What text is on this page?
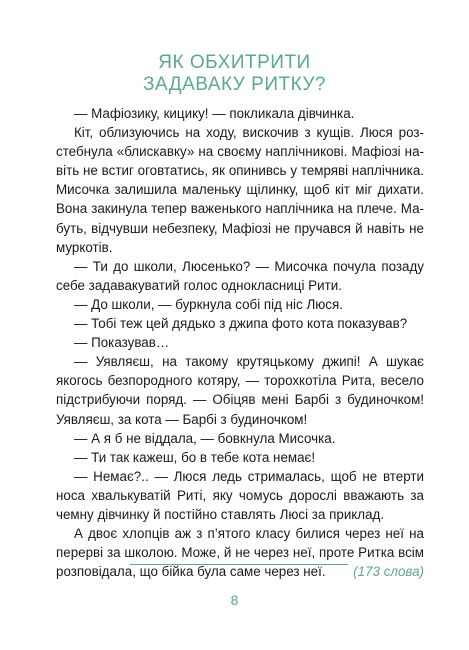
ЯК ОБХИТРИТИ
ЗАДАВАКУ РИТКУ?

— Мафіозику, кицику! — покликала дівчинка.

Кіт, облизуючись на ходу, вискочив з кущів. Люся розстебнула «блискавку» на своєму наплічникові. Мафіозі навіть не встиг оговтатись, як опинивсь у темряві наплічника. Мисочка залишила маленьку щілинку, щоб кіт міг дихати. Вона закинула тепер важенького наплічника на плече. Мабуть, відчувши небезпеку, Мафіозі не пручався й навіть не муркотів.

— Ти до школи, Люсенько? — Мисочка почула позаду себе задавакуватий голос однокласниці Рити.

— До школи, — буркнула собі під ніс Люся.

— Тобі теж цей дядько з джипа фото кота показував?

— Показував…

— Уявляєш, на такому крутяцькому джипі! А шукає якогось безпородного котяру, — торохкотіла Рита, весело підстрибуючи поряд. — Обіцяв мені Барбі з будиночком! Уявляєш, за кота — Барбі з будиночком!

— А я б не віддала, — бовкнула Мисочка.

— Ти так кажеш, бо в тебе кота немає!

— Немає?.. — Люся ледь стрималась, щоб не втерти носа хвалькуватій Риті, яку чомусь дорослі вважають за чемну дівчинку й постійно ставлять Люсі за приклад.

А двоє хлопців аж з п’ятого класу билися через неї на перерві за школою. Може, й не через неї, проте Ритка всім розповідала, що бійка була саме через неї. (173 слова)

8
